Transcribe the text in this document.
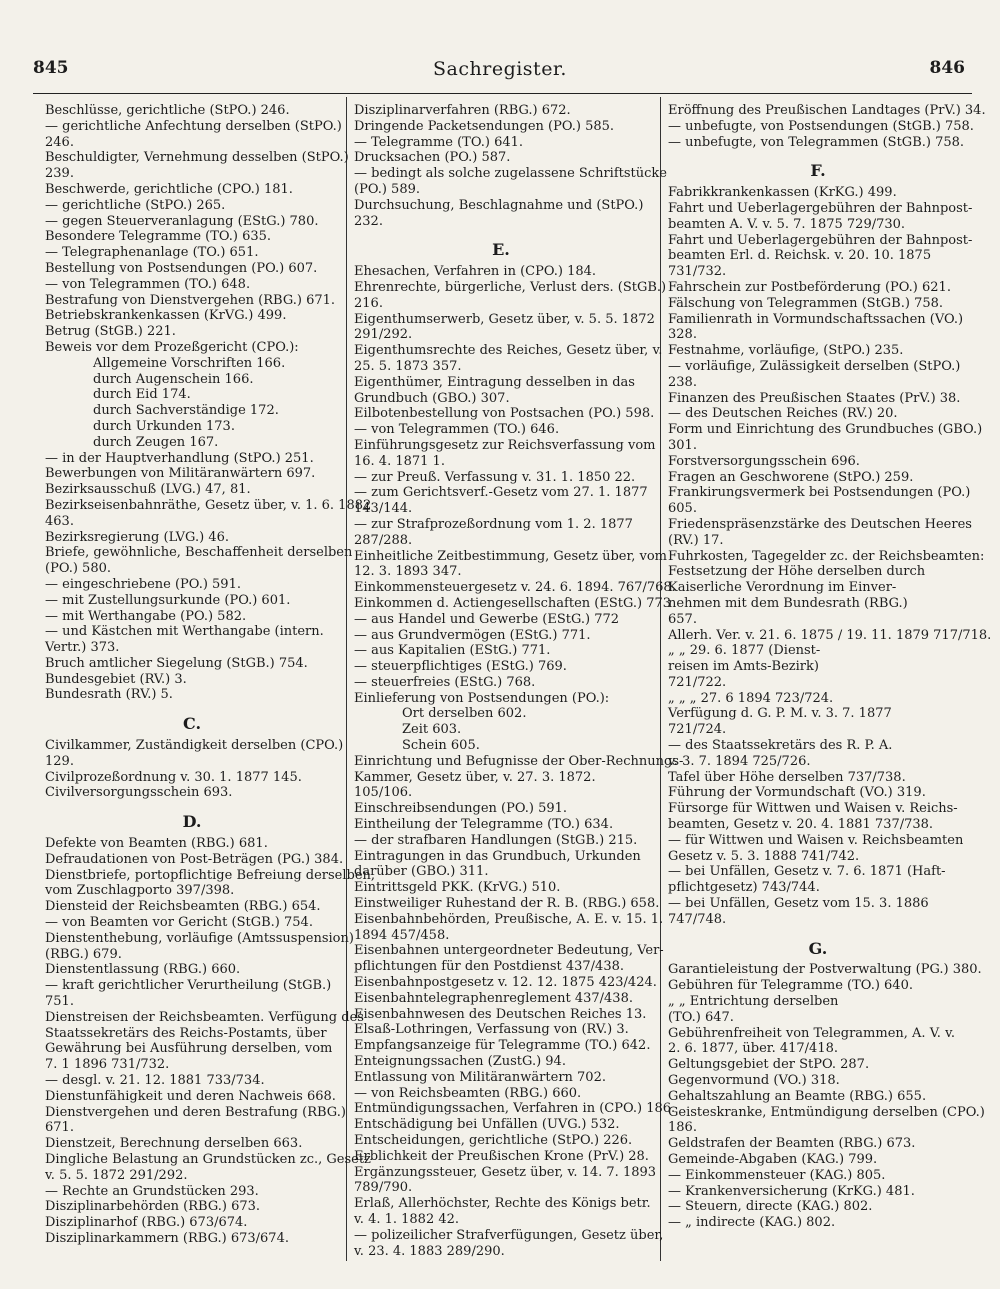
845	Sachregister.	846
Beschlüsse, gerichtliche (StPO.) 246.
— gerichtliche Anfechtung derselben (StPO.)
246.
Beschuldigter, Vernehmung desselben (StPO.)
239.
Beschwerde, gerichtliche (CPO.) 181.
— gerichtliche (StPO.) 265.
— gegen Steuerveranlagung (EStG.) 780.
Besondere Telegramme (TO.) 635.
— Telegraphenanlage (TO.) 651.
Bestellung von Postsendungen (PO.) 607.
— von Telegrammen (TO.) 648.
Bestrafung von Dienstvergehen (RBG.) 671.
Betriebskrankenkassen (KrVG.) 499.
Betrug (StGB.) 221.
Beweis vor dem Prozeßgericht (CPO.):
Allgemeine Vorschriften 166.
durch Augenschein 166.
durch Eid 174.
durch Sachverständige 172.
durch Urkunden 173.
durch Zeugen 167.
— in der Hauptverhandlung (StPO.) 251.
Bewerbungen von Militäranwärtern 697.
Bezirksausschuß (LVG.) 47, 81.
Bezirkseisenbahnräthe, Gesetz über, v. 1. 6. 1882
463.
Bezirksregierung (LVG.) 46.
Briefe, gewöhnliche, Beschaffenheit derselben
(PO.) 580.
— eingeschriebene (PO.) 591.
— mit Zustellungsurkunde (PO.) 601.
— mit Werthangabe (PO.) 582.
— und Kästchen mit Werthangabe (intern.
Vertr.) 373.
Bruch amtlicher Siegelung (StGB.) 754.
Bundesgebiet (RV.) 3.
Bundesrath (RV.) 5.
C.
Civilkammer, Zuständigkeit derselben (CPO.)
129.
Civilprozeßordnung v. 30. 1. 1877 145.
Civilversorgungsschein 693.
D.
Defekte von Beamten (RBG.) 681.
Defraudationen von Post-Beträgen (PG.) 384.
Dienstbriefe, portopflichtige Befreiung derselben,
vom Zuschlagporto 397/398.
Diensteid der Reichsbeamten (RBG.) 654.
— von Beamten vor Gericht (StGB.) 754.
Dienstenthebung, vorläufige (Amtssuspension)
(RBG.) 679.
Dienstentlassung (RBG.) 660.
— kraft gerichtlicher Verurtheilung (StGB.)
751.
Dienstreisen der Reichsbeamten. Verfügung des
Staatssekretärs des Reichs-Postamts, über
Gewährung bei Ausführung derselben, vom
7. 1 1896 731/732.
— desgl. v. 21. 12. 1881 733/734.
Dienstunfähigkeit und deren Nachweis 668.
Dienstvergehen und deren Bestrafung (RBG.)
671.
Dienstzeit, Berechnung derselben 663.
Dingliche Belastung an Grundstücken zc., Gesetz
v. 5. 5. 1872 291/292.
— Rechte an Grundstücken 293.
Disziplinarbehörden (RBG.) 673.
Disziplinarhof (RBG.) 673/674.
Disziplinarkammern (RBG.) 673/674.
Disziplinarverfahren (RBG.) 672.
Dringende Packetsendungen (PO.) 585.
— Telegramme (TO.) 641.
Drucksachen (PO.) 587.
— bedingt als solche zugelassene Schriftstücke
(PO.) 589.
Durchsuchung, Beschlagnahme und (StPO.)
232.
E.
Ehesachen, Verfahren in (CPO.) 184.
Ehrenrechte, bürgerliche, Verlust ders. (StGB.)
216.
Eigenthumserwerb, Gesetz über, v. 5. 5. 1872
291/292.
Eigenthumsrechte des Reiches, Gesetz über, v.
25. 5. 1873 357.
Eigenthümer, Eintragung desselben in das
Grundbuch (GBO.) 307.
Eilbotenbestellung von Postsachen (PO.) 598.
— von Telegrammen (TO.) 646.
Einführungsgesetz zur Reichsverfassung vom
16. 4. 1871 1.
— zur Preuß. Verfassung v. 31. 1. 1850 22.
— zum Gerichtsverf.-Gesetz vom 27. 1. 1877
143/144.
— zur Strafprozeßordnung vom 1. 2. 1877
287/288.
Einheitliche Zeitbestimmung, Gesetz über, vom
12. 3. 1893 347.
Einkommensteuergesetz v. 24. 6. 1894. 767/768.
Einkommen d. Actiengesellschaften (EStG.) 773
— aus Handel und Gewerbe (EStG.) 772
— aus Grundvermögen (EStG.) 771.
— aus Kapitalien (EStG.) 771.
— steuerpflichtiges (EStG.) 769.
— steuerfreies (EStG.) 768.
Einlieferung von Postsendungen (PO.):
Ort derselben 602.
Zeit 603.
Schein 605.
Einrichtung und Befugnisse der Ober-Rechnungs-
Kammer, Gesetz über, v. 27. 3. 1872.
105/106.
Einschreibsendungen (PO.) 591.
Eintheilung der Telegramme (TO.) 634.
— der strafbaren Handlungen (StGB.) 215.
Eintragungen in das Grundbuch, Urkunden
darüber (GBO.) 311.
Eintrittsgeld PKK. (KrVG.) 510.
Einstweiliger Ruhestand der R. B. (RBG.) 658.
Eisenbahnbehörden, Preußische, A. E. v. 15. 1.
1894 457/458.
Eisenbahnen untergeordneter Bedeutung, Ver-
pflichtungen für den Postdienst 437/438.
Eisenbahnpostgesetz v. 12. 12. 1875 423/424.
Eisenbahntelegraphenreglement 437/438.
Eisenbahnwesen des Deutschen Reiches 13.
Elsaß-Lothringen, Verfassung von (RV.) 3.
Empfangsanzeige für Telegramme (TO.) 642.
Enteignungssachen (ZustG.) 94.
Entlassung von Militäranwärtern 702.
— von Reichsbeamten (RBG.) 660.
Entmündigungssachen, Verfahren in (CPO.) 186.
Entschädigung bei Unfällen (UVG.) 532.
Entscheidungen, gerichtliche (StPO.) 226.
Erblichkeit der Preußischen Krone (PrV.) 28.
Ergänzungssteuer, Gesetz über, v. 14. 7. 1893
789/790.
Erlaß, Allerhöchster, Rechte des Königs betr.
v. 4. 1. 1882 42.
— polizeilicher Strafverfügungen, Gesetz über,
v. 23. 4. 1883 289/290.
Eröffnung des Preußischen Landtages (PrV.) 34.
— unbefugte, von Postsendungen (StGB.) 758.
— unbefugte, von Telegrammen (StGB.) 758.
F.
Fabrikkrankenkassen (KrKG.) 499.
Fahrt und Ueberlagergebühren der Bahnpost-
beamten A. V. v. 5. 7. 1875 729/730.
Fahrt und Ueberlagergebühren der Bahnpost-
beamten Erl. d. Reichsk. v. 20. 10. 1875
731/732.
Fahrschein zur Postbeförderung (PO.) 621.
Fälschung von Telegrammen (StGB.) 758.
Familienrath in Vormundschaftssachen (VO.)
328.
Festnahme, vorläufige, (StPO.) 235.
— vorläufige, Zulässigkeit derselben (StPO.)
238.
Finanzen des Preußischen Staates (PrV.) 38.
— des Deutschen Reiches (RV.) 20.
Form und Einrichtung des Grundbuches (GBO.)
301.
Forstversorgungsschein 696.
Fragen an Geschworene (StPO.) 259.
Frankirungsvermerk bei Postsendungen (PO.)
605.
Friedenspräsenzstärke des Deutschen Heeres
(RV.) 17.
Fuhrkosten, Tagegelder zc. der Reichsbeamten:
Festsetzung der Höhe derselben durch
Kaiserliche Verordnung im Einver-
nehmen mit dem Bundesrath (RBG.)
657.
Allerh. Ver. v. 21. 6. 1875 / 19. 11. 1879 717/718.
„ „ 29. 6. 1877 (Dienst-
reisen im Amts-Bezirk)
721/722.
„ „ „ 27. 6 1894 723/724.
Verfügung d. G. P. M. v. 3. 7. 1877
721/724.
— des Staatssekretärs des R. P. A.
v. 3. 7. 1894 725/726.
Tafel über Höhe derselben 737/738.
Führung der Vormundschaft (VO.) 319.
Fürsorge für Wittwen und Waisen v. Reichs-
beamten, Gesetz v. 20. 4. 1881 737/738.
— für Wittwen und Waisen v. Reichsbeamten
Gesetz v. 5. 3. 1888 741/742.
— bei Unfällen, Gesetz v. 7. 6. 1871 (Haft-
pflichtgesetz) 743/744.
— bei Unfällen, Gesetz vom 15. 3. 1886
747/748.
G.
Garantieleistung der Postverwaltung (PG.) 380.
Gebühren für Telegramme (TO.) 640.
„ „ Entrichtung derselben
(TO.) 647.
Gebührenfreiheit von Telegrammen, A. V. v.
2. 6. 1877, über. 417/418.
Geltungsgebiet der StPO. 287.
Gegenvormund (VO.) 318.
Gehaltszahlung an Beamte (RBG.) 655.
Geisteskranke, Entmündigung derselben (CPO.)
186.
Geldstrafen der Beamten (RBG.) 673.
Gemeinde-Abgaben (KAG.) 799.
— Einkommensteuer (KAG.) 805.
— Krankenversicherung (KrKG.) 481.
— Steuern, directe (KAG.) 802.
— „ indirecte (KAG.) 802.
